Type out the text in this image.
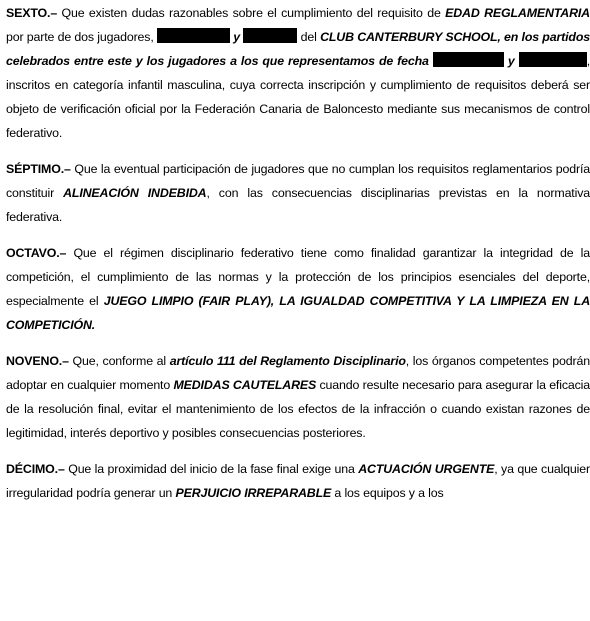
SEXTO.– Que existen dudas razonables sobre el cumplimiento del requisito de EDAD REGLAMENTARIA por parte de dos jugadores,	y	del CLUB CANTERBURY SCHOOL, en los partidos celebrados entre este y los jugadores a los que representamos de fecha	y	, inscritos en categoría infantil masculina, cuya correcta inscripción y cumplimiento de requisitos deberá ser objeto de verificación oficial por la Federación Canaria de Baloncesto mediante sus mecanismos de control federativo.

SÉPTIMO.– Que la eventual participación de jugadores que no cumplan los requisitos reglamentarios podría constituir ALINEACIÓN INDEBIDA, con las consecuencias disciplinarias previstas en la normativa federativa.

OCTAVO.– Que el régimen disciplinario federativo tiene como finalidad garantizar la integridad de la competición, el cumplimiento de las normas y la protección de los principios esenciales del deporte, especialmente el JUEGO LIMPIO (FAIR PLAY), LA IGUALDAD COMPETITIVA Y LA LIMPIEZA EN LA COMPETICIÓN.

NOVENO.– Que, conforme al artículo 111 del Reglamento Disciplinario, los órganos competentes podrán adoptar en cualquier momento MEDIDAS CAUTELARES cuando resulte necesario para asegurar la eficacia de la resolución final, evitar el mantenimiento de los efectos de la infracción o cuando existan razones de legitimidad, interés deportivo y posibles consecuencias posteriores.

DÉCIMO.– Que la proximidad del inicio de la fase final exige una ACTUACIÓN URGENTE, ya que cualquier irregularidad podría generar un PERJUICIO IRREPARABLE a los equipos y a los
